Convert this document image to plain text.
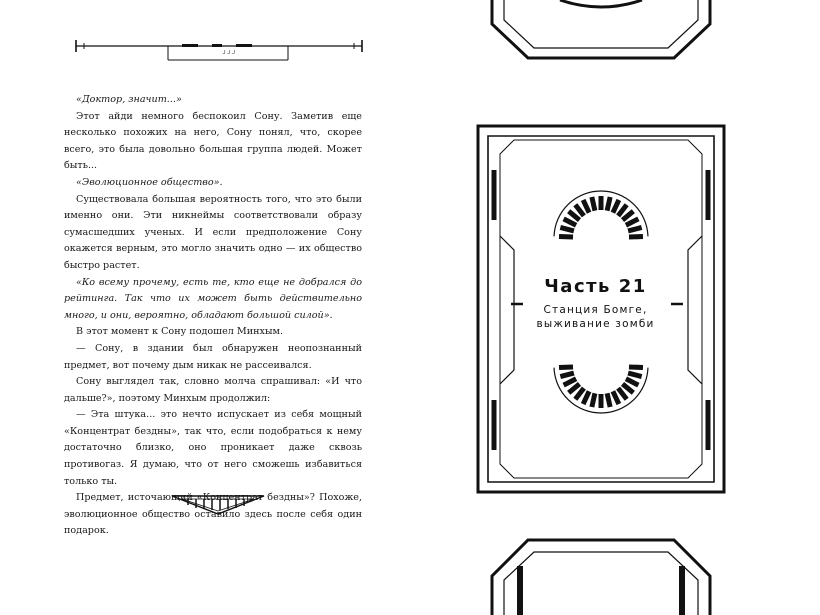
ᴊᴊᴊ

«Доктор, значит...»

Этот айди немного беспокоил Сону. Заметив еще несколько похожих на него, Сону понял, что, скорее всего, это была довольно большая группа людей. Может быть...

«Эволюционное общество».

Существовала большая вероятность того, что это были именно они. Эти никнеймы соответствовали образу сумасшедших ученых. И если предположение Сону окажется верным, это могло значить одно — их общество быстро растет.

«Ко всему прочему, есть те, кто еще не добрался до рейтинга. Так что их может быть действительно много, и они, вероятно, обладают большой силой».

В этот момент к Сону подошел Минхым.

— Сону, в здании был обнаружен неопознанный предмет, вот почему дым никак не рассеивался.

Сону выглядел так, словно молча спрашивал: «И что дальше?», поэтому Минхым продолжил:

— Эта штука... это нечто испускает из себя мощный «Концентрат бездны», так что, если подобраться к нему достаточно близко, оно проникает даже сквозь противогаз. Я думаю, что от него сможешь избавиться только ты.

Предмет, источающий «Концентрат бездны»? Похоже, эволюционное общество оставило здесь после себя один подарок.

Часть 21
Станция Бомге,
выживание зомби
